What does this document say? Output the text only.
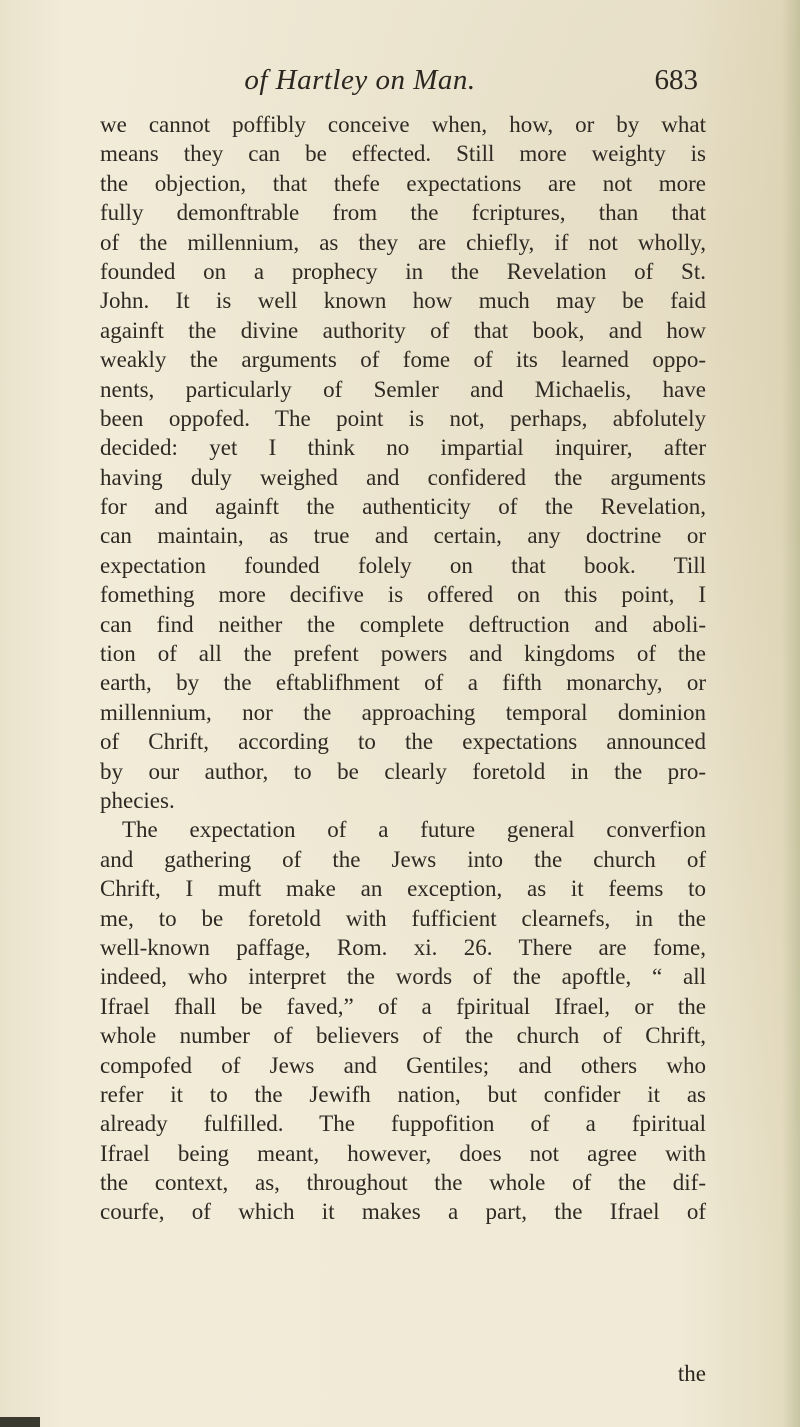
of Hartley on Man.	683
we cannot poffibly conceive when, how, or by what
means they can be effected. Still more weighty is
the objection, that thefe expectations are not more
fully demonftrable from the fcriptures, than that
of the millennium, as they are chiefly, if not wholly,
founded on a prophecy in the Revelation of St.
John. It is well known how much may be faid
againft the divine authority of that book, and how
weakly the arguments of fome of its learned oppo-
nents, particularly of Semler and Michaelis, have
been oppofed. The point is not, perhaps, abfolutely
decided: yet I think no impartial inquirer, after
having duly weighed and confidered the arguments
for and againft the authenticity of the Revelation,
can maintain, as true and certain, any doctrine or
expectation founded folely on that book. Till
fomething more decifive is offered on this point, I
can find neither the complete deftruction and aboli-
tion of all the prefent powers and kingdoms of the
earth, by the eftablifhment of a fifth monarchy, or
millennium, nor the approaching temporal dominion
of Chrift, according to the expectations announced
by our author, to be clearly foretold in the pro-
phecies.
The expectation of a future general converfion
and gathering of the Jews into the church of
Chrift, I muft make an exception, as it feems to
me, to be foretold with fufficient clearnefs, in the
well-known paffage, Rom. xi. 26. There are fome,
indeed, who interpret the words of the apoftle, “ all
Ifrael fhall be faved,” of a fpiritual Ifrael, or the
whole number of believers of the church of Chrift,
compofed of Jews and Gentiles; and others who
refer it to the Jewifh nation, but confider it as
already fulfilled. The fuppofition of a fpiritual
Ifrael being meant, however, does not agree with
the context, as, throughout the whole of the dif-
courfe, of which it makes a part, the Ifrael of
the
